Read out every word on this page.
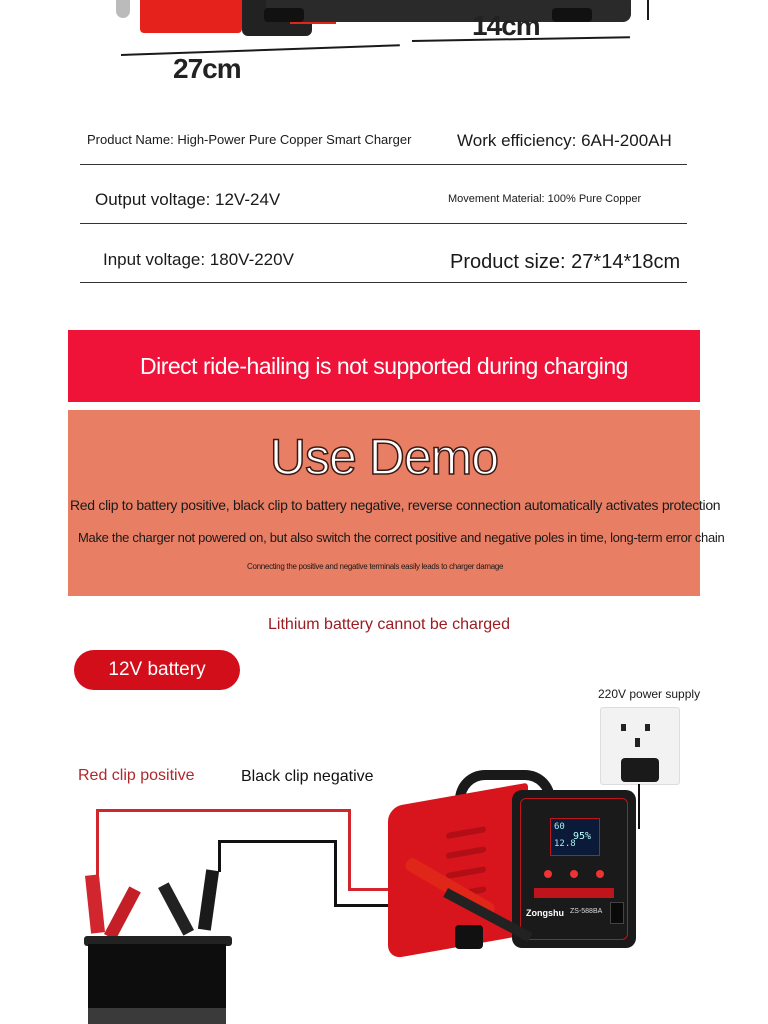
14cm
27cm
Product Name: High-Power Pure Copper Smart Charger	Work efficiency: 6AH-200AH
Output voltage: 12V-24V	Movement Material: 100% Pure Copper
Input voltage: 180V-220V	Product size: 27*14*18cm
Direct ride-hailing is not supported during charging
Use Demo
Red clip to battery positive, black clip to battery negative, reverse connection automatically activates protection
Make the charger not powered on, but also switch the correct positive and negative poles in time, long-term error chain
Connecting the positive and negative terminals easily leads to charger damage
Lithium battery cannot be charged
12V battery charging
220V power supply
Red clip positive	Black clip negative
60
12.8
95%
Zongshu ZS-588BA
